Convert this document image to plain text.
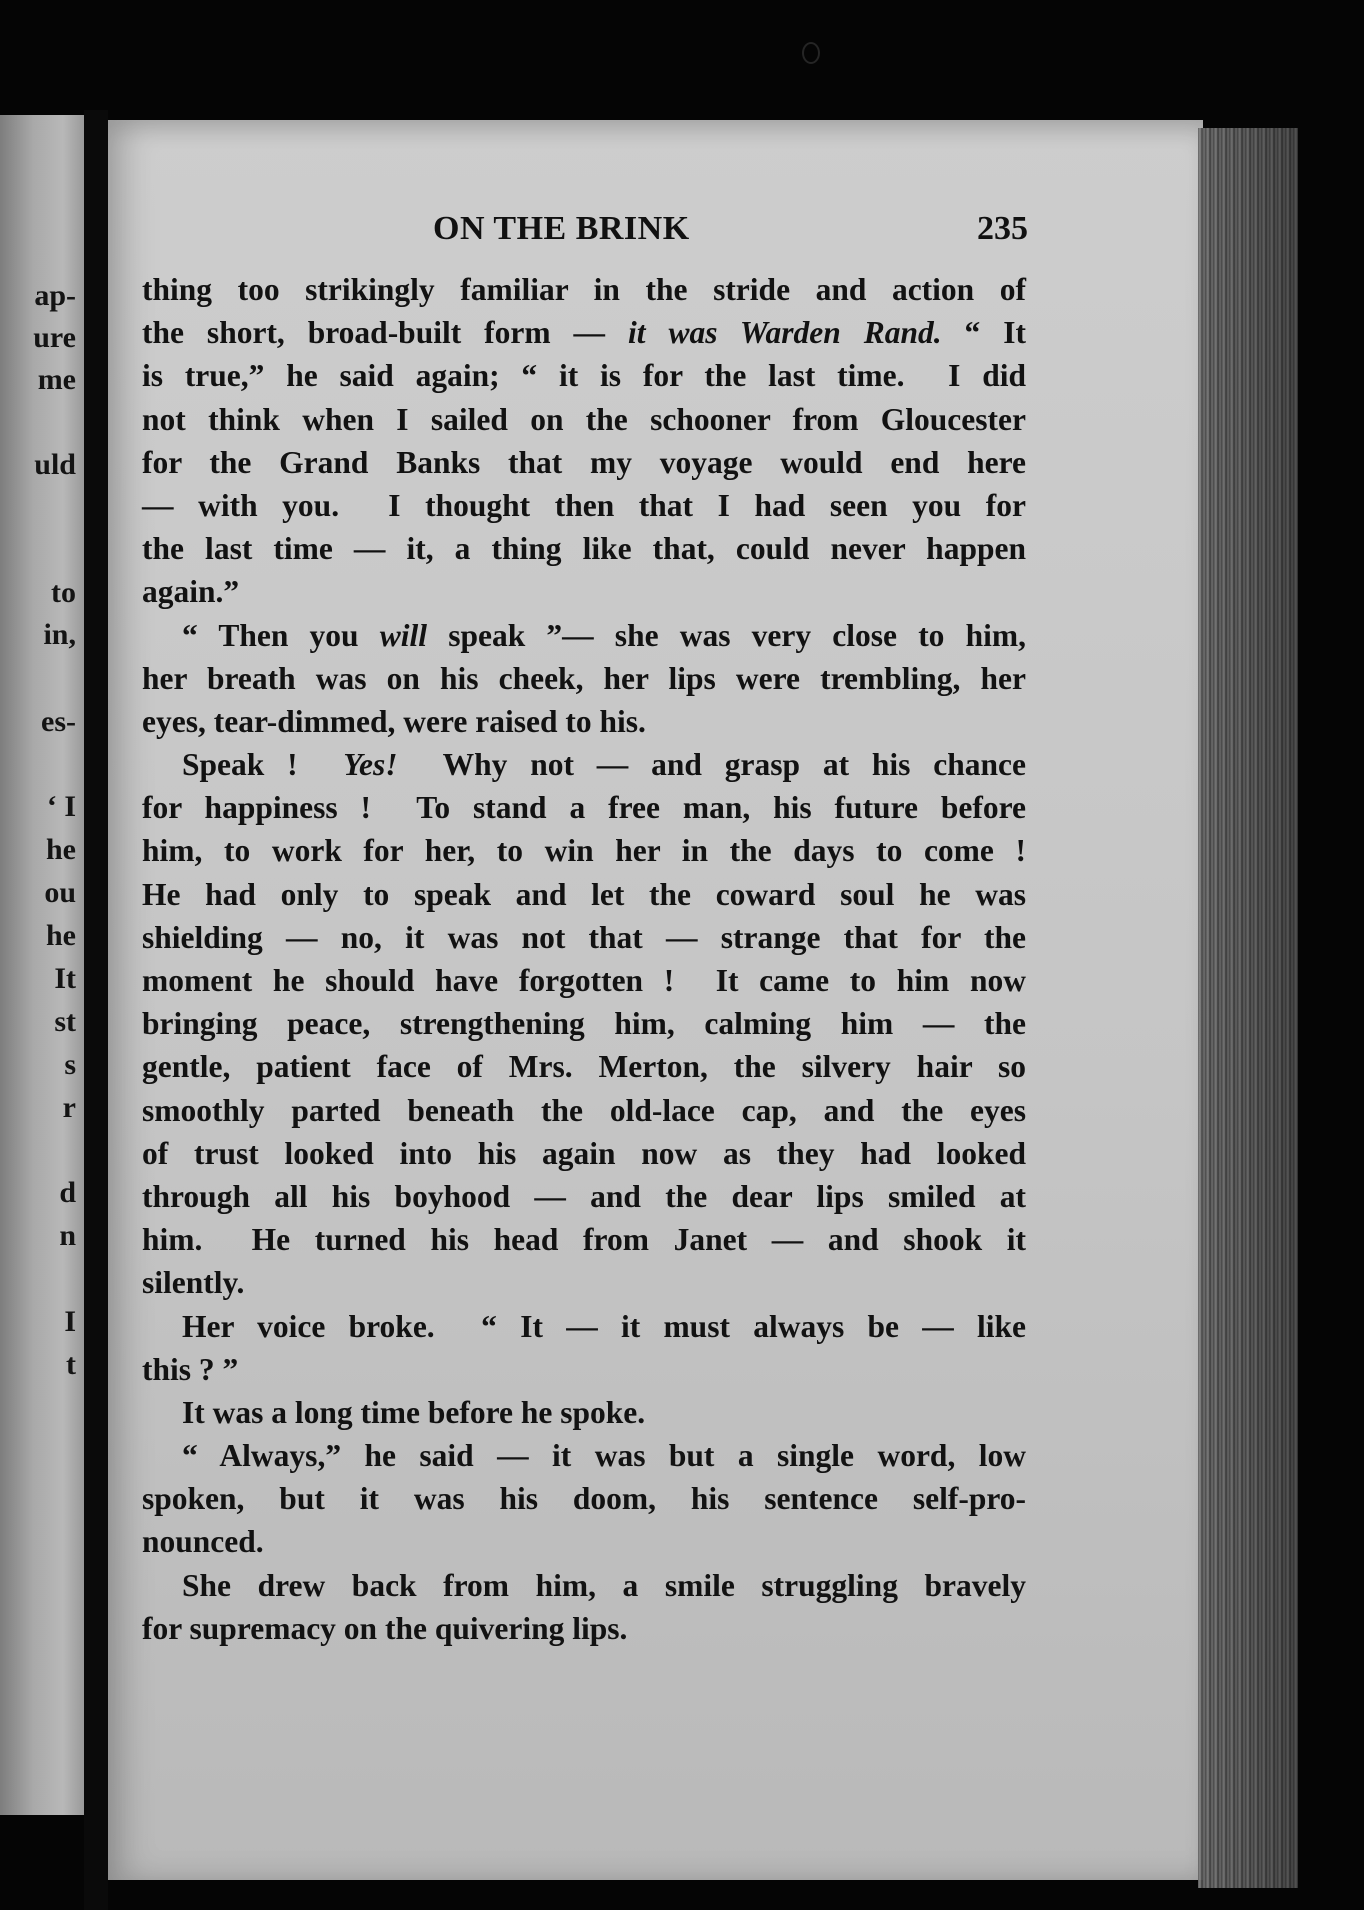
ap-
ure
me
uld
to
in,
es-
‘ I
he
ou
he
It
st
s
r
d
n
I
t
ON THE BRINK	235
thing too strikingly familiar in the stride and action of
the short, broad-built form — it was Warden Rand. “ It
is true,” he said again; “ it is for the last time.  I did
not think when I sailed on the schooner from Gloucester
for the Grand Banks that my voyage would end here
— with you.  I thought then that I had seen you for
the last time — it, a thing like that, could never happen
again.”
“ Then you will speak ”— she was very close to him,
her breath was on his cheek, her lips were trembling, her
eyes, tear-dimmed, were raised to his.
Speak !  Yes!  Why not — and grasp at his chance
for happiness !  To stand a free man, his future before
him, to work for her, to win her in the days to come !
He had only to speak and let the coward soul he was
shielding — no, it was not that — strange that for the
moment he should have forgotten !  It came to him now
bringing peace, strengthening him, calming him — the
gentle, patient face of Mrs. Merton, the silvery hair so
smoothly parted beneath the old-lace cap, and the eyes
of trust looked into his again now as they had looked
through all his boyhood — and the dear lips smiled at
him.  He turned his head from Janet — and shook it
silently.
Her voice broke.  “ It — it must always be — like
this ? ”
It was a long time before he spoke.
“ Always,” he said — it was but a single word, low
spoken, but it was his doom, his sentence self-pro-
nounced.
She drew back from him, a smile struggling bravely
for supremacy on the quivering lips.
